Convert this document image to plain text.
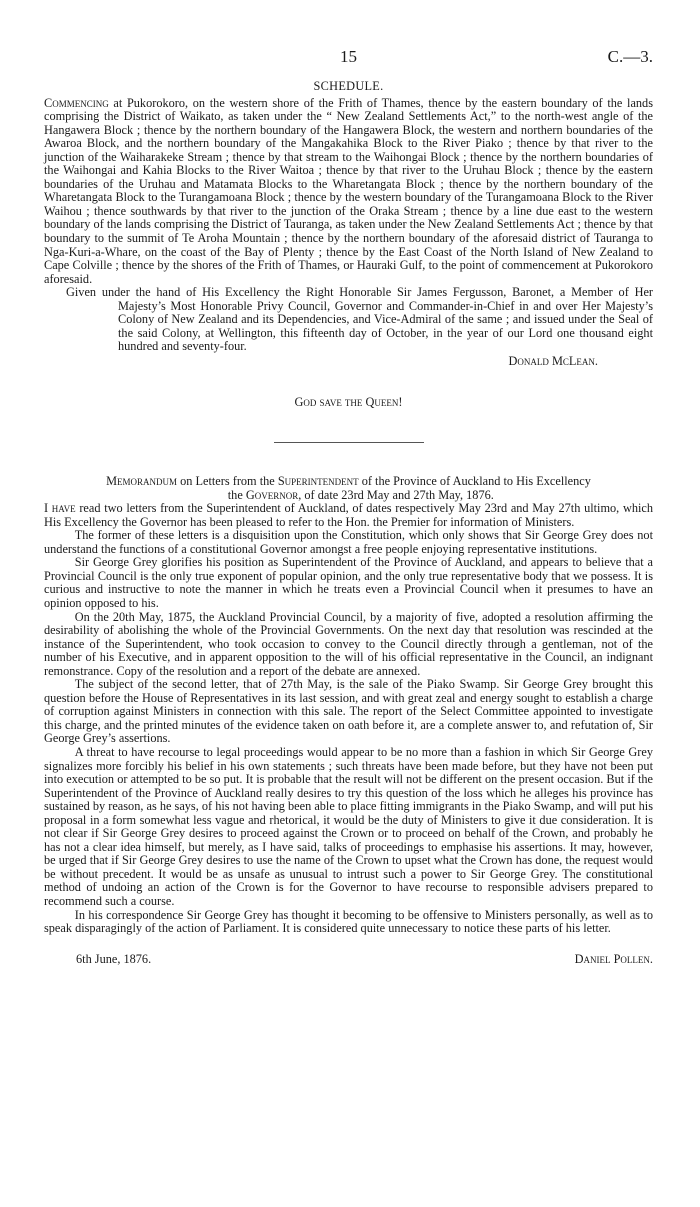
15	C.—3.
SCHEDULE.

Commencing at Pukorokoro, on the western shore of the Frith of Thames, thence by the eastern boundary of the lands comprising the District of Waikato, as taken under the “ New Zealand Settlements Act,” to the north-west angle of the Hangawera Block ; thence by the northern boundary of the Hangawera Block, the western and northern boundaries of the Awaroa Block, and the northern boundary of the Mangakahika Block to the River Piako ; thence by that river to the junction of the Waiharakeke Stream ; thence by that stream to the Waihongai Block ; thence by the northern boundaries of the Waihongai and Kahia Blocks to the River Waitoa ; thence by that river to the Uruhau Block ; thence by the eastern boundaries of the Uruhau and Matamata Blocks to the Wharetangata Block ; thence by the northern boundary of the Wharetangata Block to the Turangamoana Block ; thence by the western boundary of the Turangamoana Block to the River Waihou ; thence southwards by that river to the junction of the Oraka Stream ; thence by a line due east to the western boundary of the lands comprising the District of Tauranga, as taken under the New Zealand Settlements Act ; thence by that boundary to the summit of Te Aroha Mountain ; thence by the northern boundary of the aforesaid district of Tauranga to Nga-Kuri-a-Whare, on the coast of the Bay of Plenty ; thence by the East Coast of the North Island of New Zealand to Cape Colville ; thence by the shores of the Frith of Thames, or Hauraki Gulf, to the point of commencement at Pukorokoro aforesaid.

Given under the hand of His Excellency the Right Honorable Sir James Fergusson, Baronet, a Member of Her Majesty’s Most Honorable Privy Council, Governor and Commander-in-Chief in and over Her Majesty’s Colony of New Zealand and its Dependencies, and Vice-Admiral of the same ; and issued under the Seal of the said Colony, at Wellington, this fifteenth day of October, in the year of our Lord one thousand eight hundred and seventy-four.

Donald McLean.
God save the Queen!
Memorandum on Letters from the Superintendent of the Province of Auckland to His Excellency
the Governor, of date 23rd May and 27th May, 1876.

I have read two letters from the Superintendent of Auckland, of dates respectively May 23rd and May 27th ultimo, which His Excellency the Governor has been pleased to refer to the Hon. the Premier for information of Ministers.

The former of these letters is a disquisition upon the Constitution, which only shows that Sir George Grey does not understand the functions of a constitutional Governor amongst a free people enjoying representative institutions.

Sir George Grey glorifies his position as Superintendent of the Province of Auckland, and appears to believe that a Provincial Council is the only true exponent of popular opinion, and the only true representative body that we possess. It is curious and instructive to note the manner in which he treats even a Provincial Council when it presumes to have an opinion opposed to his.

On the 20th May, 1875, the Auckland Provincial Council, by a majority of five, adopted a resolution affirming the desirability of abolishing the whole of the Provincial Governments. On the next day that resolution was rescinded at the instance of the Superintendent, who took occasion to convey to the Council directly through a gentleman, not of the number of his Executive, and in apparent opposition to the will of his official representative in the Council, an indignant remonstrance. Copy of the resolution and a report of the debate are annexed.

The subject of the second letter, that of 27th May, is the sale of the Piako Swamp. Sir George Grey brought this question before the House of Representatives in its last session, and with great zeal and energy sought to establish a charge of corruption against Ministers in connection with this sale. The report of the Select Committee appointed to investigate this charge, and the printed minutes of the evidence taken on oath before it, are a complete answer to, and refutation of, Sir George Grey’s assertions.

A threat to have recourse to legal proceedings would appear to be no more than a fashion in which Sir George Grey signalizes more forcibly his belief in his own statements ; such threats have been made before, but they have not been put into execution or attempted to be so put. It is probable that the result will not be different on the present occasion. But if the Superintendent of the Province of Auckland really desires to try this question of the loss which he alleges his province has sustained by reason, as he says, of his not having been able to place fitting immigrants in the Piako Swamp, and will put his proposal in a form somewhat less vague and rhetorical, it would be the duty of Ministers to give it due consideration. It is not clear if Sir George Grey desires to proceed against the Crown or to proceed on behalf of the Crown, and probably he has not a clear idea himself, but merely, as I have said, talks of proceedings to emphasise his assertions. It may, however, be urged that if Sir George Grey desires to use the name of the Crown to upset what the Crown has done, the request would be without precedent. It would be as unsafe as unusual to intrust such a power to Sir George Grey. The constitutional method of undoing an action of the Crown is for the Governor to have recourse to responsible advisers prepared to recommend such a course.

In his correspondence Sir George Grey has thought it becoming to be offensive to Ministers personally, as well as to speak disparagingly of the action of Parliament. It is considered quite unnecessary to notice these parts of his letter.

6th June, 1876.	Daniel Pollen.
